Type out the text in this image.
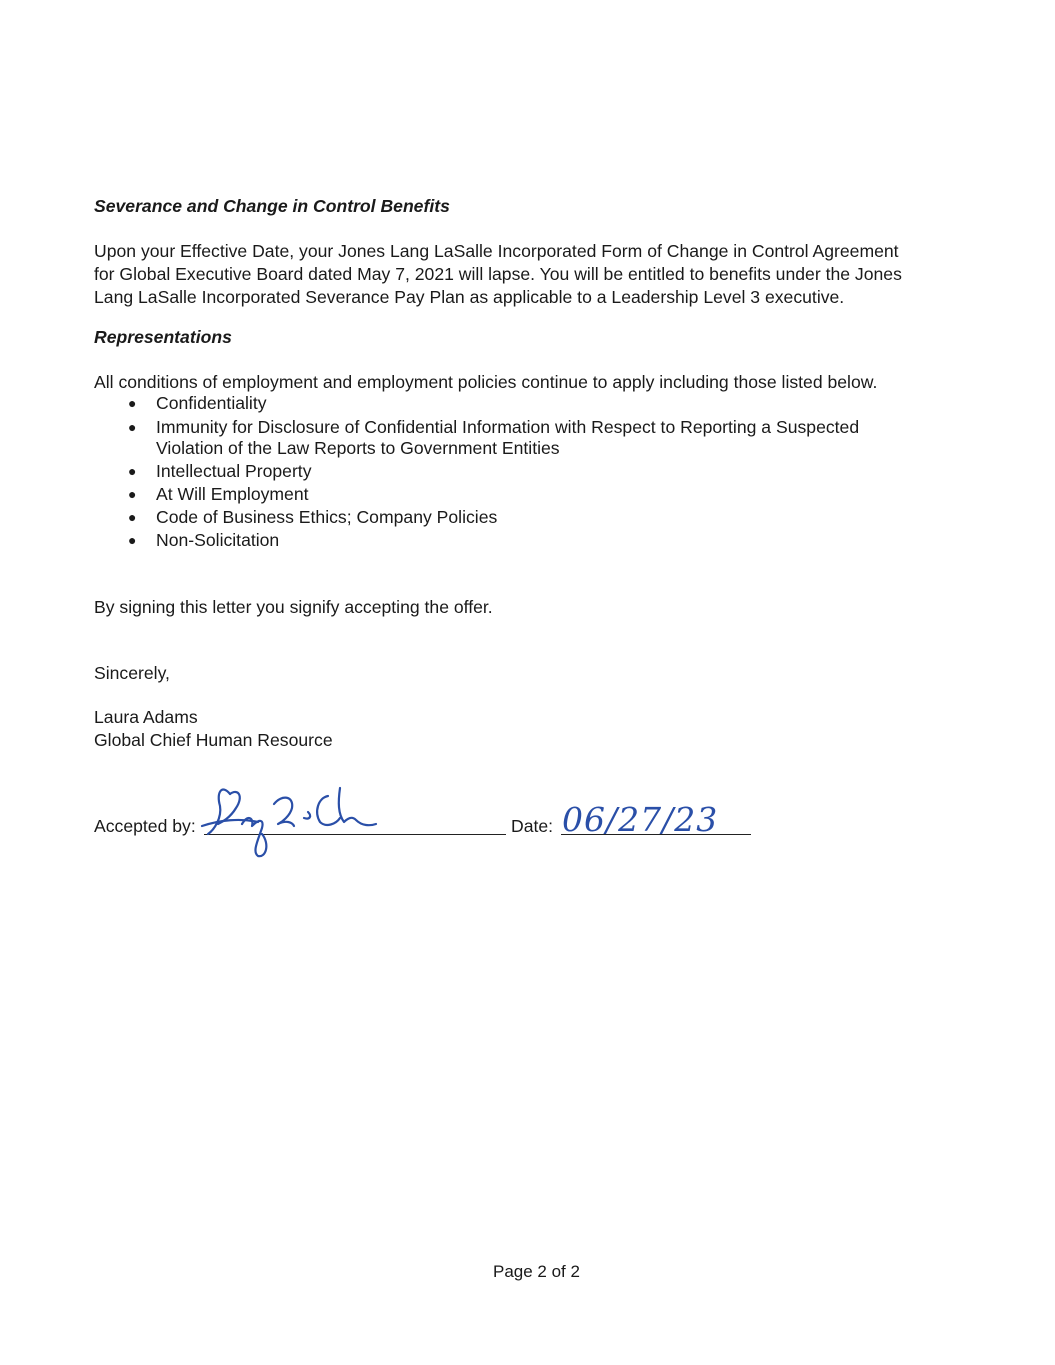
Severance and Change in Control Benefits
Upon your Effective Date, your Jones Lang LaSalle Incorporated Form of Change in Control Agreement
for Global Executive Board dated May 7, 2021 will lapse. You will be entitled to benefits under the Jones
Lang LaSalle Incorporated Severance Pay Plan as applicable to a Leadership Level 3 executive.
Representations
All conditions of employment and employment policies continue to apply including those listed below.
● Confidentiality
● Immunity for Disclosure of Confidential Information with Respect to Reporting a Suspected
Violation of the Law Reports to Government Entities
● Intellectual Property
● At Will Employment
● Code of Business Ethics; Company Policies
● Non-Solicitation
By signing this letter you signify accepting the offer.
Sincerely,
Laura Adams
Global Chief Human Resource
Accepted by:	Date: 06/27/23
Page 2 of 2
